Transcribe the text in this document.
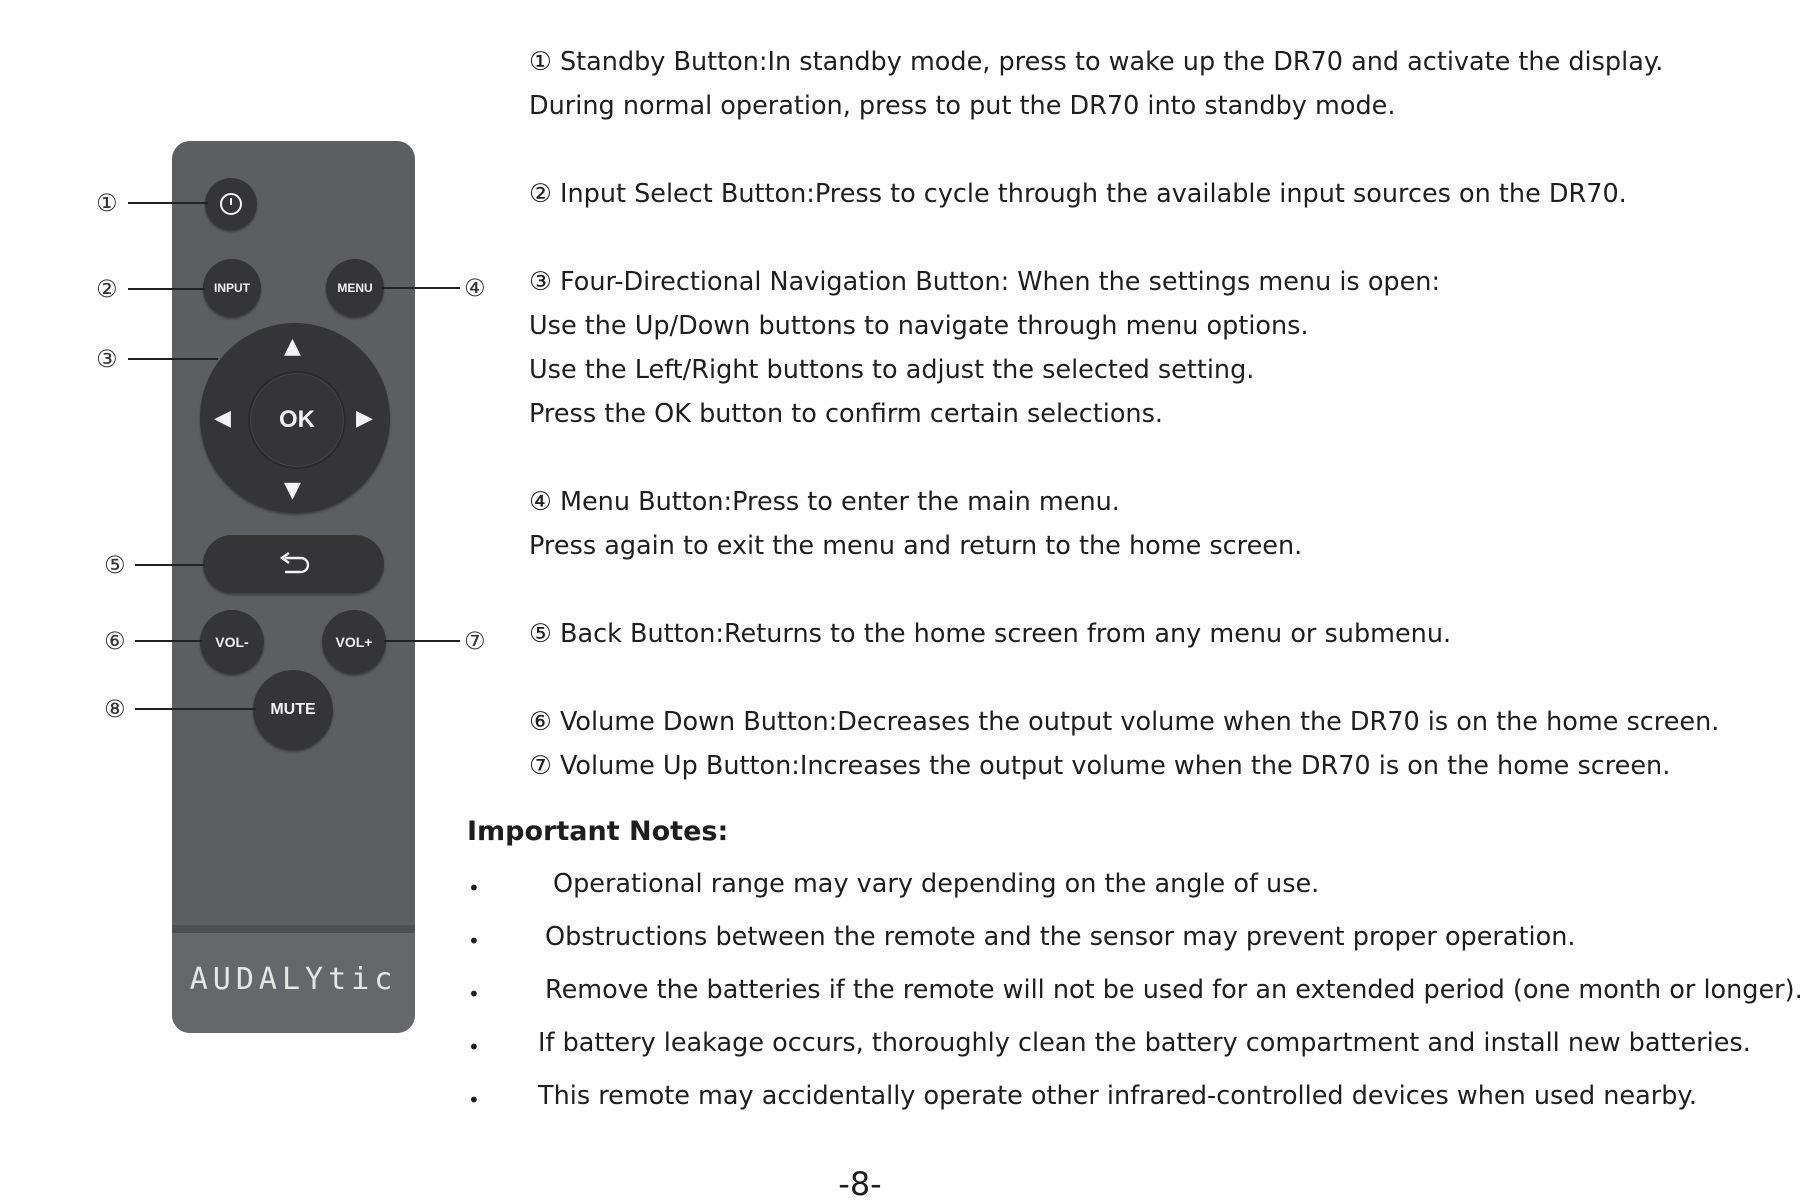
AUDALYtic
INPUT	MENU
OK
▲
▼
◀	▶
VOL-	VOL+
MUTE
①
②
③
④
⑤
⑥	⑦
⑧
① Standby Button:In standby mode, press to wake up the DR70 and activate the display.
During normal operation, press to put the DR70 into standby mode.
② Input Select Button:Press to cycle through the available input sources on the DR70.
③ Four-Directional Navigation Button: When the settings menu is open:
Use the Up/Down buttons to navigate through menu options.
Use the Left/Right buttons to adjust the selected setting.
Press the OK button to confirm certain selections.
④ Menu Button:Press to enter the main menu.
Press again to exit the menu and return to the home screen.
⑤ Back Button:Returns to the home screen from any menu or submenu.
⑥ Volume Down Button:Decreases the output volume when the DR70 is on the home screen.
⑦ Volume Up Button:Increases the output volume when the DR70 is on the home screen.
Important Notes:
•	Operational range may vary depending on the angle of use.
•	Obstructions between the remote and the sensor may prevent proper operation.
•	Remove the batteries if the remote will not be used for an extended period (one month or longer).
• If battery leakage occurs, thoroughly clean the battery compartment and install new batteries.
• This remote may accidentally operate other infrared-controlled devices when used nearby.
-8-
